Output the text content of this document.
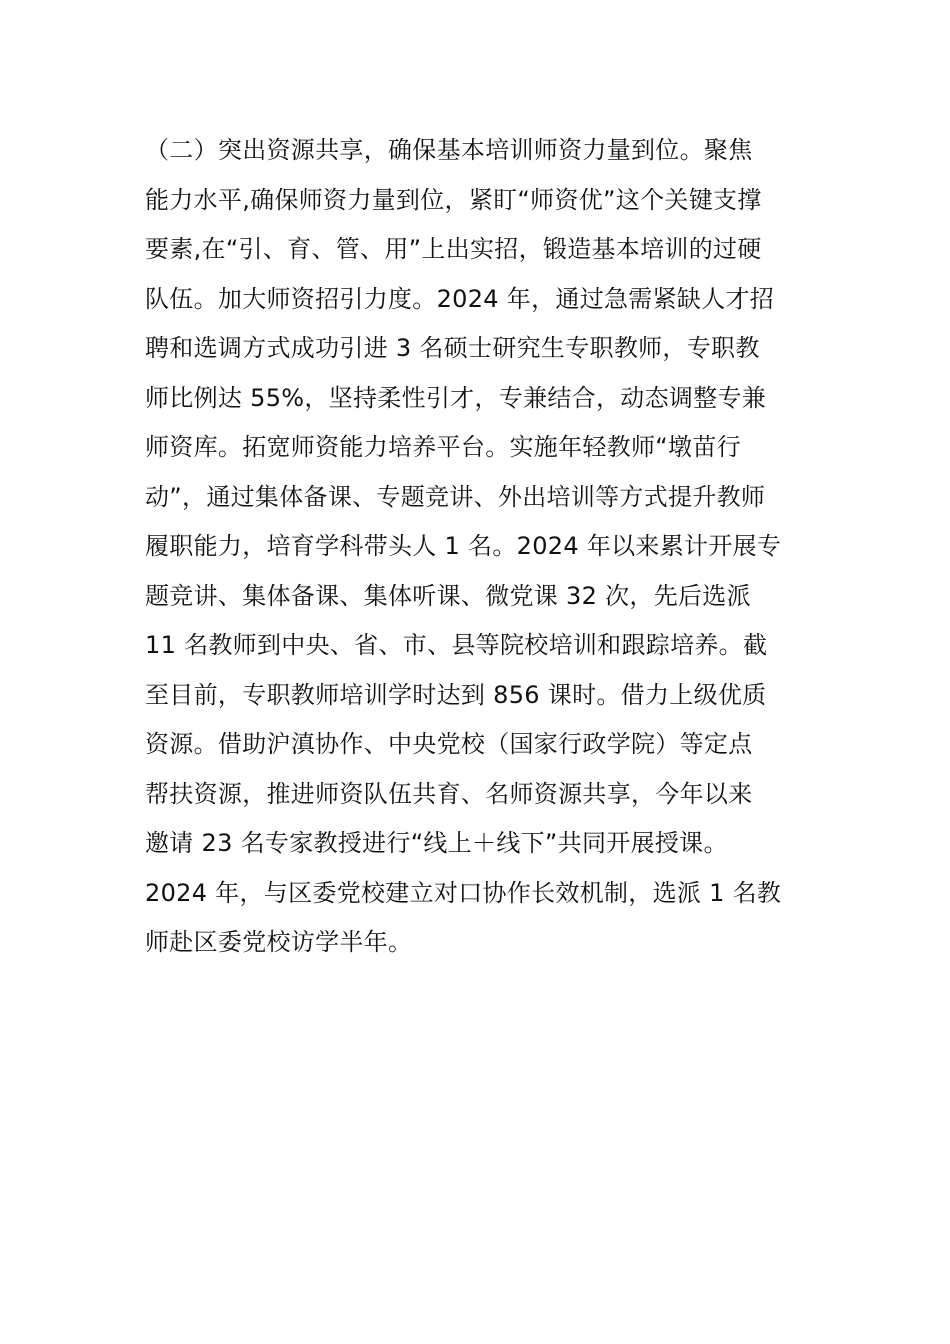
（二）突出资源共享，确保基本培训师资力量到位。聚焦
能力水平,确保师资力量到位，紧盯“师资优”这个关键支撑
要素,在“引、育、管、用”上出实招，锻造基本培训的过硬
队伍。加大师资招引力度。2024 年，通过急需紧缺人才招
聘和选调方式成功引进 3 名硕士研究生专职教师，专职教
师比例达 55%，坚持柔性引才，专兼结合，动态调整专兼
师资库。拓宽师资能力培养平台。实施年轻教师“墩苗行
动”，通过集体备课、专题竞讲、外出培训等方式提升教师
履职能力，培育学科带头人 1 名。2024 年以来累计开展专
题竞讲、集体备课、集体听课、微党课 32 次，先后选派
11 名教师到中央、省、市、县等院校培训和跟踪培养。截
至目前，专职教师培训学时达到 856 课时。借力上级优质
资源。借助沪滇协作、中央党校（国家行政学院）等定点
帮扶资源，推进师资队伍共育、名师资源共享，今年以来
邀请 23 名专家教授进行“线上＋线下”共同开展授课。
2024 年，与区委党校建立对口协作长效机制，选派 1 名教
师赴区委党校访学半年。
